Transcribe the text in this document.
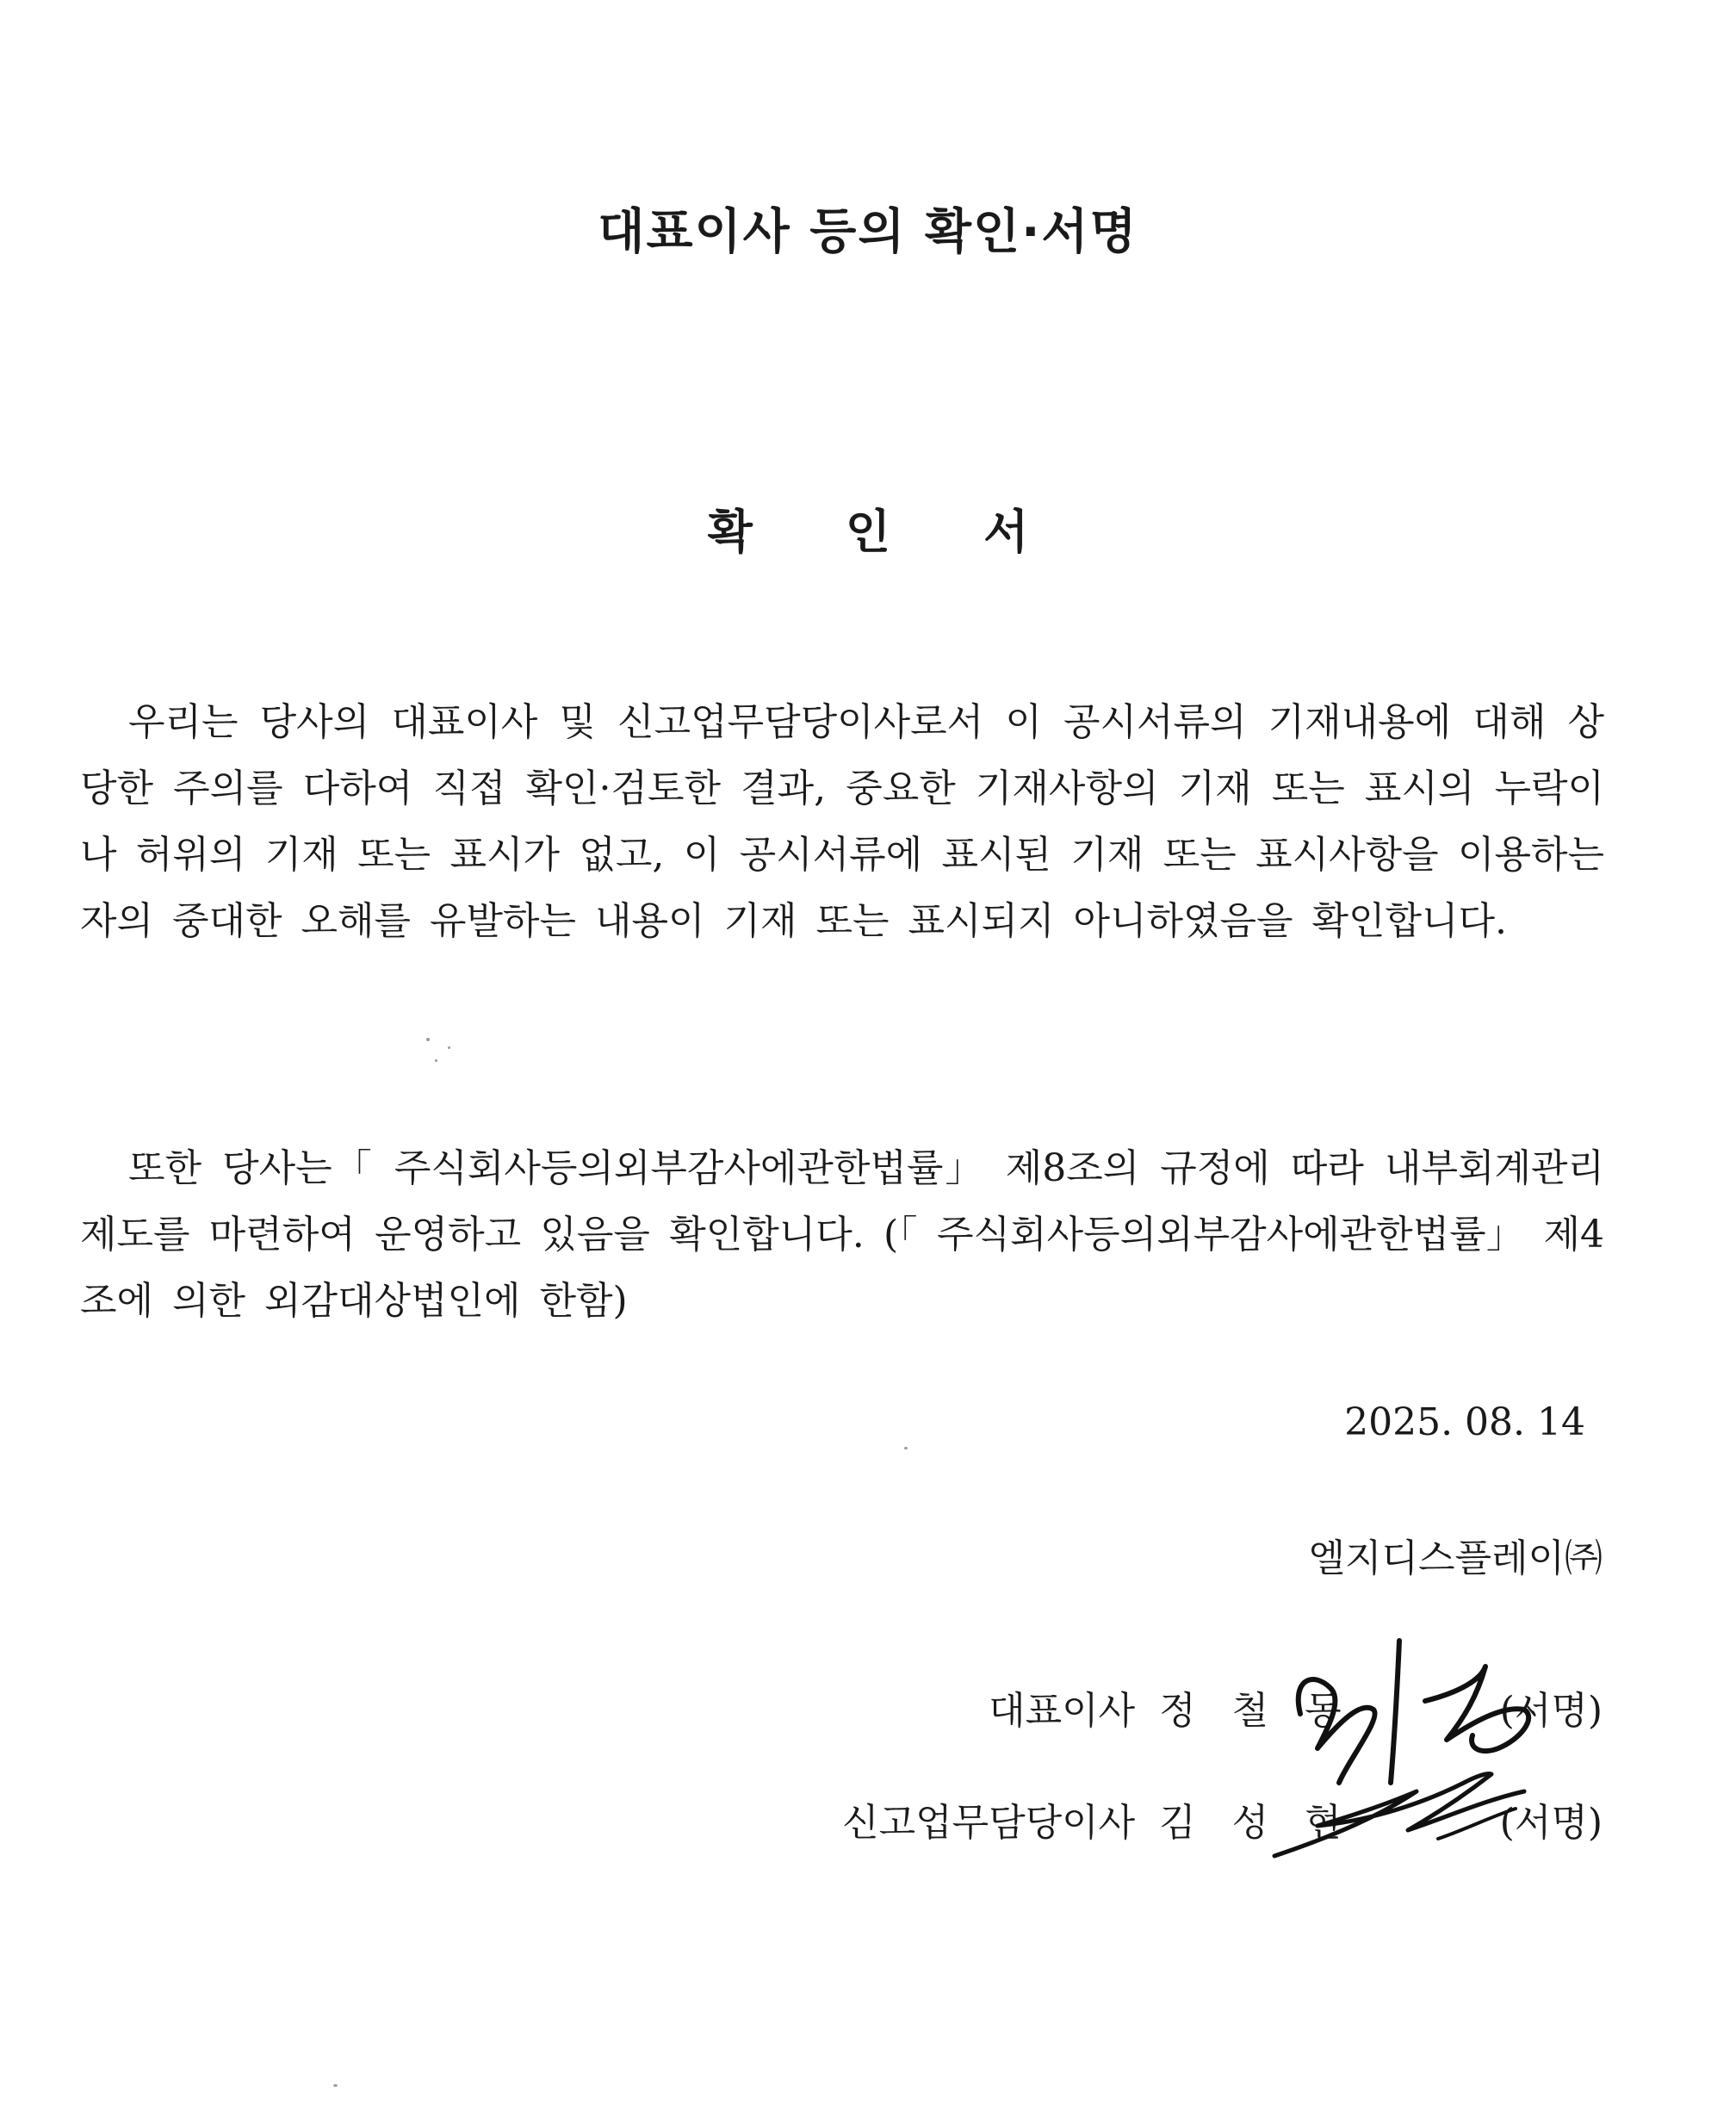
대표이사 등의 확인·서명
확 인 서

우리는 당사의 대표이사 및 신고업무담당이사로서 이 공시서류의 기재내용에 대해 상당한 주의를 다하여 직접 확인·검토한 결과, 중요한 기재사항의 기재 또는 표시의 누락이나 허위의 기재 또는 표시가 없고, 이 공시서류에 표시된 기재 또는 표시사항을 이용하는 자의 중대한 오해를 유발하는 내용이 기재 또는 표시되지 아니하였음을 확인합니다.

또한 당사는「 주식회사등의외부감사에관한법률」 제8조의 규정에 따라 내부회계관리제도를 마련하여 운영하고 있음을 확인합니다. (「 주식회사등의외부감사에관한법률」 제4조에 의한 외감대상법인에 한함)

2025. 08. 14

엘지디스플레이㈜

대표이사 정 철 동	(서명)
신고업무담당이사 김 성 현	(서명)
